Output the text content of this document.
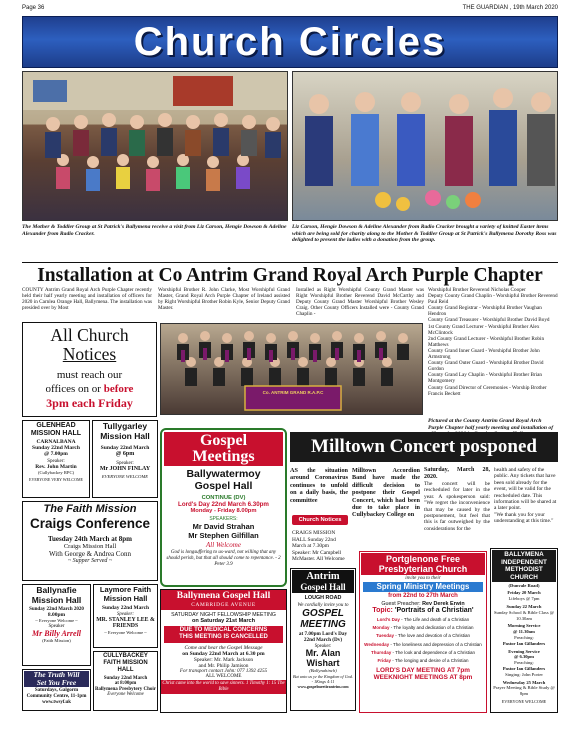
Page 36	THE GUARDIAN , 19th March 2020
Church Circles
The Mother & Toddler Group at St Patrick's Ballymena receive a visit from Liz Carson, Hengie Dowson & Adeline Alexander from Radio Cracker.
Liz Carson, Hengie Dowson & Adeline Alexander from Radio Cracker brought a variety of knitted Easter items which are being sold for charity along to the Mother & Toddler Group at St Patrick's Ballymena Dorothy Ross was delighted to present the ladies with a donation from the group.
Installation at Co Antrim Grand Royal Arch Purple Chapter
COUNTY Antrim Grand Royal Arch Purple Chapter recently held their half yearly meeting and installation of officers for 2020 in Carnlea Orange Hall, Ballymena. The installation was presided over by Most
Worshipful Brother R. John Clarke, Most Worshipful Grand Master, Grand Royal Arch Purple Chapter of Ireland assisted by Right Worshipful Brother Robin Kyle, Senior Deputy Grand Master.
Installed as Right Worshipful County Grand Master was Right Worshipful Brother Reverend David McCarthy and Deputy County Grand Master Worshipful Brother Wesley Craig. Other County Officers Installed were - County Grand Chaplin -
Worshipful Brother Reverend Nicholas Cooper
Deputy County Grand Chaplin - Worshipful Brother Reverend Paul Reid
County Grand Registrar - Worshipful Brother Vaughan Hendron
County Grand Treasurer - Worshipful Brother David Boyd
1st County Grand Lecturer - Worshipful Brother Alex McClintock
2nd County Grand Lecturer - Worshipful Brother Robin Matthews
County Grand Inner Guard - Worshipful Brother John Armstrong
County Grand Outer Guard - Worshipful Brother David Gordon
County Grand Lay Chaplin - Worshipful Brother Brian Montgomery
County Grand Director of Ceremonies - Worship Brother Francis Beckett
Pictured at the County Antrim Grand Royal Arch Purple Chapter half yearly meeting and installation of
Co. ANTRIM GRAND R.A.P.C
All Church
Notices
must reach our
offices on or before
3pm each Friday
GLENHEAD MISSION HALL
CARNALBANA
Sunday 22nd March
@ 7.00pm
Speaker:
Rev. John Martin
(Cullybackey RPC)
EVERYONE VERY WELCOME
Tullygarley Mission Hall
Sunday 22nd March
@ 6pm
Speaker:
Mr JOHN FINLAY
EVERYONE WELCOME
The Faith Mission
Craigs Conference
Tuesday 24th March at 8pm
Craigs Mission Hall
With George & Andrea Conn
~ Supper Served ~
Ballynafie Mission Hall
Sunday 22nd March 2020
8.00pm
~ Everyone Welcome ~
Speaker
Mr Billy Arrell
(Faith Mission)
Laymore Faith Mission Hall
Sunday 22nd March
Speaker:
MR. STANLEY LEE & FRIENDS
~ Everyone Welcome ~
The Truth Will
Set You Free
Saturdays, Galgorm Community Centre, 11-1pm
www.twsyf.uk
CULLYBACKEY FAITH MISSION HALL
Sunday 22nd March
at 8:00pm
Ballymena Presbytery Choir
Everyone Welcome
Gospel
Meetings
Ballywatermoy
Gospel Hall
CONTINUE (DV)
Lord's Day 22nd March 6.30pm
Monday - Friday 8.00pm
SPEAKERS:
Mr David Strahan
Mr Stephen Gilfillan
All Welcome
God is longsuffering to us-ward, not willing that any should perish, but that all should come to repentance. - 2 Peter 3.9
Ballymena Gospel Hall
CAMBRIDGE AVENUE
SATURDAY NIGHT FELLOWSHIP MEETING
on Saturday 21st March
DUE TO MEDICAL CONCERNS
THIS MEETING IS CANCELLED
Come and hear the Gospel Message
on Sunday 22nd March at 6.30 pm
Speaker: Mr. Mark Jackson
and Mr. Philip Jamison
For transport contact John: 077 1392 4255
ALL WELCOME
Christ came into the world to save sinners. 1 Timothy 1: 15 The Bible
Milltown Concert posponed
AS the situation around Coronavirus continues to unfold on a daily basis, the committee
Milltown Accordion Band have made the difficult decision to postpone their Gospel Concert, which had been due to take place in Cullybackey College on
Saturday, March 28, 2020.
The concert will be rescheduled for later in the year. A spokesperson said: "We regret the inconvenience that may be caused by the postponement, but feel that this is far outweighed by the considerations for the
health and safety of the public. Any tickets that have been sold already for the event, will be valid for the rescheduled date. This information will be shared at a later point.
"We thank you for your understanding at this time."
Church Notices
CRAIGS MISSION HALL Sunday 22nd March at 7.30pm Speaker: Mr Campbell McMaster. All Welcome
Antrim
Gospel Hall
LOUGH ROAD
We cordially invite you to
GOSPEL
MEETING
at 7.00pm Lord's Day
22nd March (Dv)
Speaker:
Mr. Alan
Wishart
(Ballynahinch)
But unto us ye the Kingdom of God. - 1Kings 4:11
www.gospelmeetirantrim.com
Portglenone Free
Presbyterian Church
invite you to their
Spring Ministry Meetings
from 22nd to 27th March
Guest Preacher: Rev Derek Erwin
Topic: 'Portraits of a Christian'
Lord's Day - The Life and death of a Christian
Monday - The loyalty and dedication of a Christian
Tuesday - The love and devotion of a Christian
Wednesday - The loneliness and depression of a Christian
Thursday - The look and dependence of a Christian
Friday - The longing and desire of a Christian
LORD'S DAY MEETING AT 7pm
WEEKNIGHT MEETINGS AT 8pm
BALLYMENA INDEPENDENT METHODIST CHURCH
(Dunvale Road)
Friday 20 March
Lifeboys @ 7pm
Sunday 22 March
Sunday School & Bible Class @ 10.30am
Morning Service
@ 11.30am
Preaching:
Pastor Ian Gillanders
Evening Service
@ 6.30pm
Preaching:
Pastor Ian Gillanders
Singing: John Porter
Wednesday 25 March
Prayer Meeting & Bible Study @ 8pm
EVERYONE WELCOME
